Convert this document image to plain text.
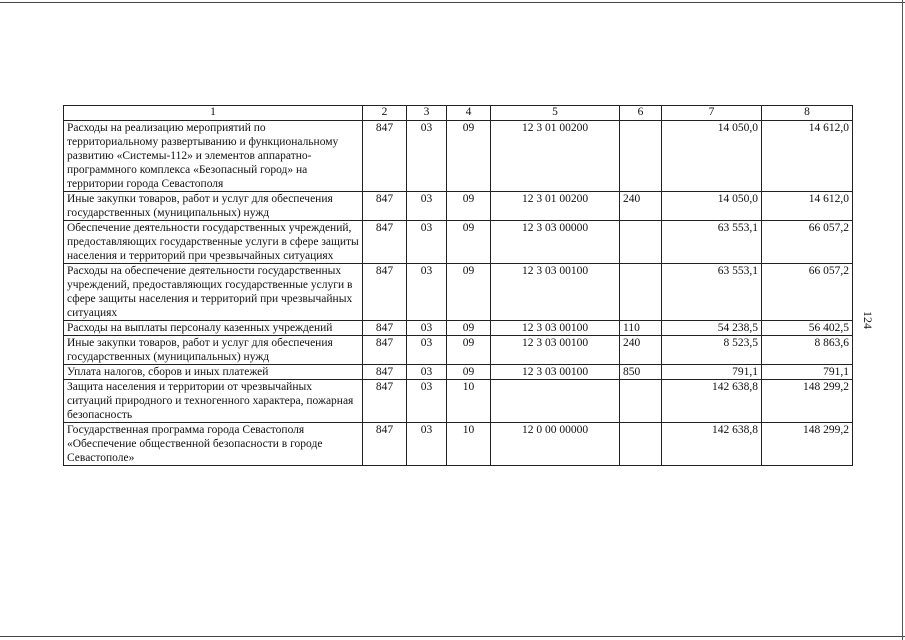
1	2	3	4	5	6	7	8
Расходы на реализацию мероприятий по территориальному развертыванию и функциональному развитию «Системы-112» и элементов аппаратно-программного комплекса «Безопасный город» на территории города Севастополя	847	03	09	12 3 01 00200		14 050,0	14 612,0
Иные закупки товаров, работ и услуг для обеспечения государственных (муниципальных) нужд	847	03	09	12 3 01 00200	240	14 050,0	14 612,0
Обеспечение деятельности государственных учреждений, предоставляющих государственные услуги в сфере защиты населения и территорий при чрезвычайных ситуациях	847	03	09	12 3 03 00000		63 553,1	66 057,2
Расходы на обеспечение деятельности государственных учреждений, предоставляющих государственные услуги в сфере защиты населения и территорий при чрезвычайных ситуациях	847	03	09	12 3 03 00100		63 553,1	66 057,2
Расходы на выплаты персоналу казенных учреждений	847	03	09	12 3 03 00100	110	54 238,5	56 402,5
Иные закупки товаров, работ и услуг для обеспечения государственных (муниципальных) нужд	847	03	09	12 3 03 00100	240	8 523,5	8 863,6
Уплата налогов, сборов и иных платежей	847	03	09	12 3 03 00100	850	791,1	791,1
Защита населения и территории от чрезвычайных ситуаций природного и техногенного характера, пожарная безопасность	847	03	10			142 638,8	148 299,2
Государственная программа города Севастополя «Обеспечение общественной безопасности в городе Севастополе»	847	03	10	12 0 00 00000		142 638,8	148 299,2
124
